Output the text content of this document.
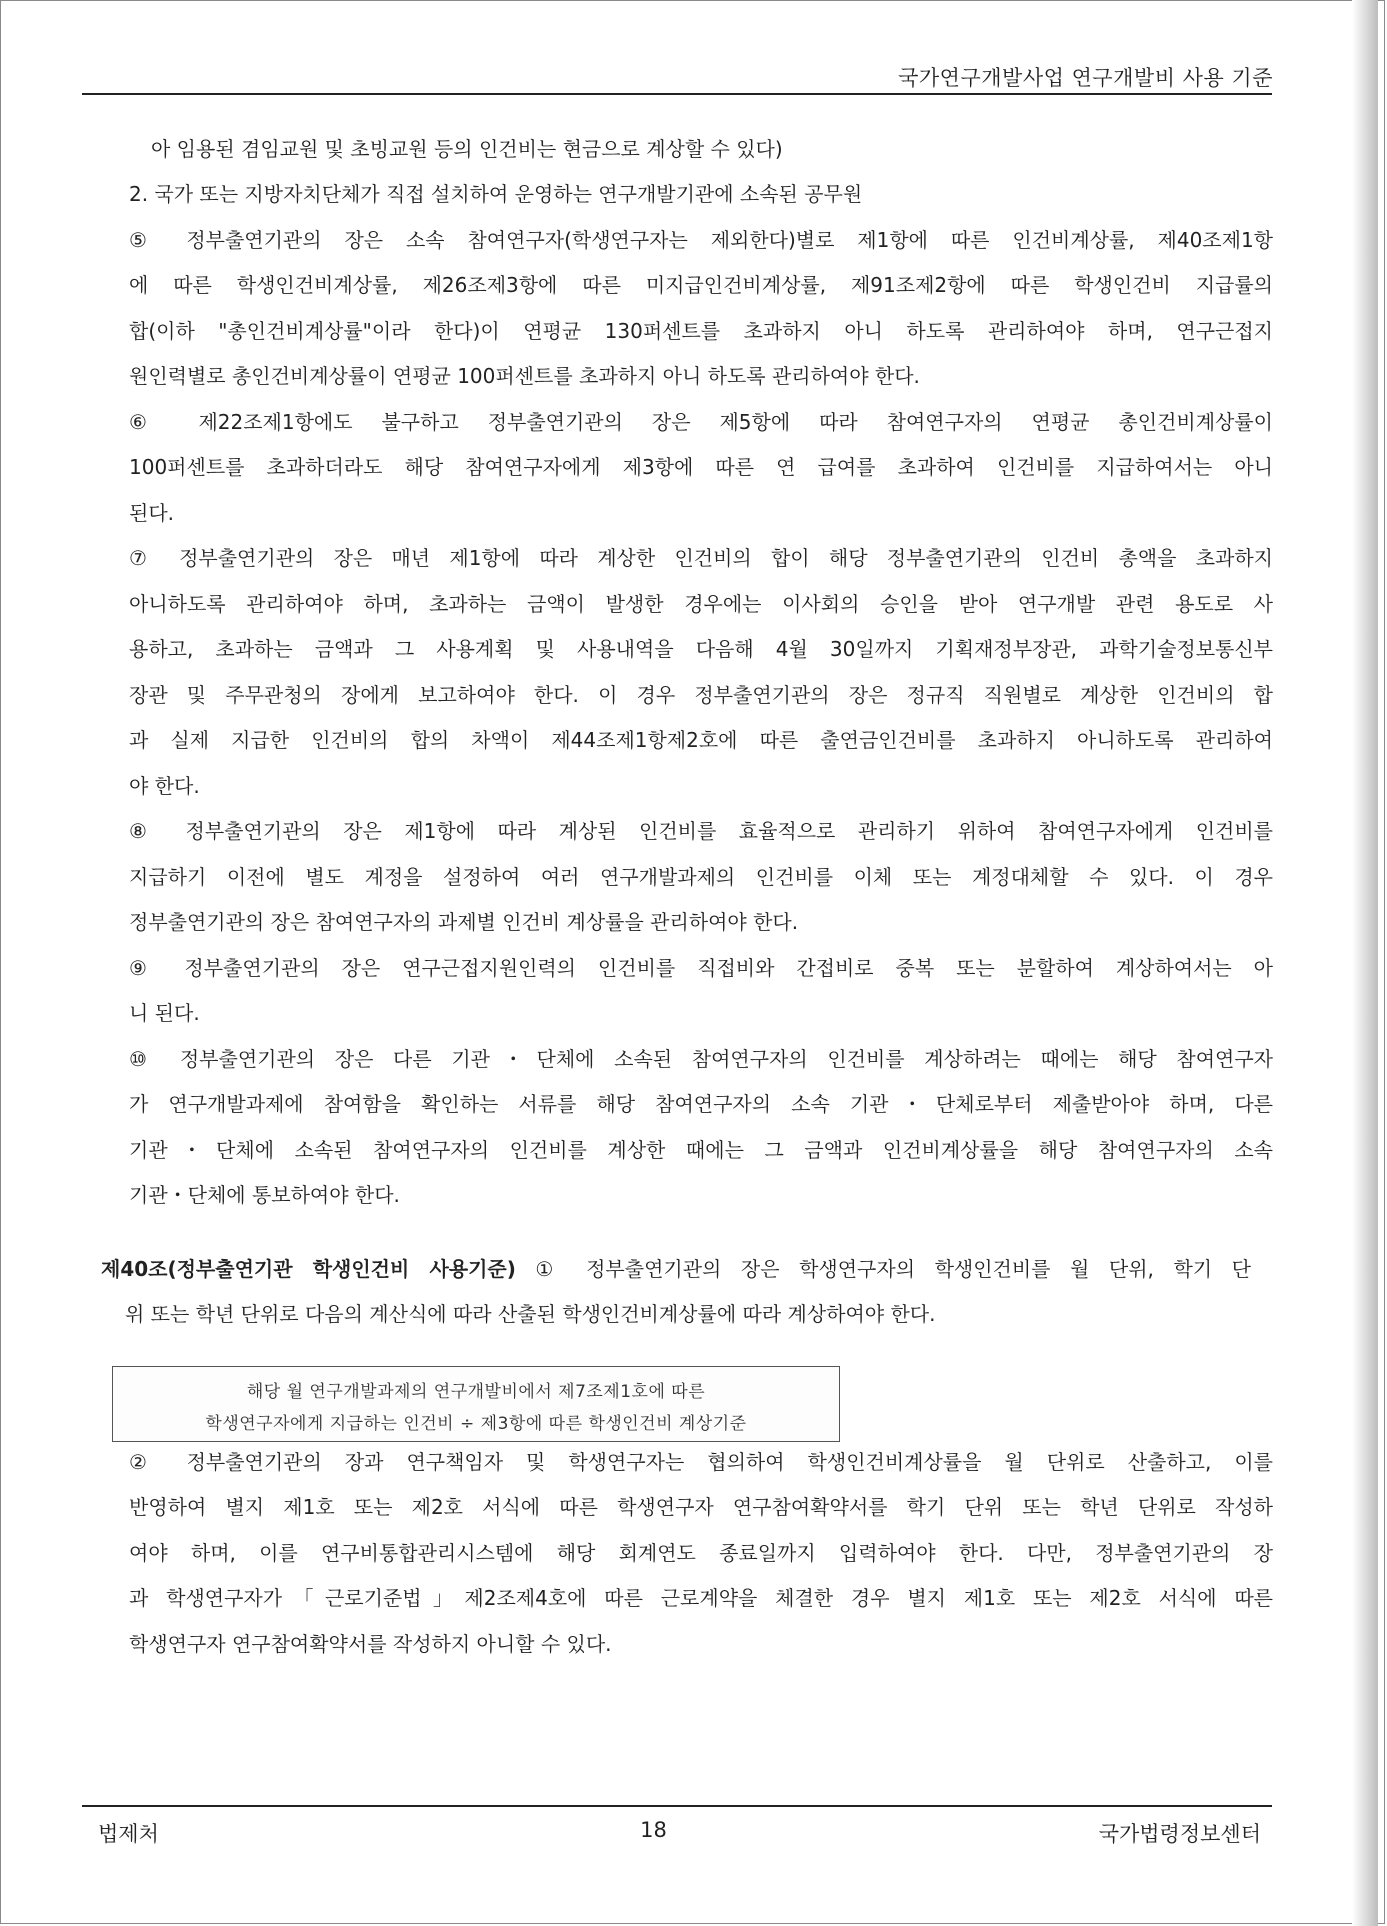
국가연구개발사업 연구개발비 사용 기준
아 임용된 겸임교원 및 초빙교원 등의 인건비는 현금으로 계상할 수 있다)
2. 국가 또는 지방자치단체가 직접 설치하여 운영하는 연구개발기관에 소속된 공무원
⑤ 정부출연기관의 장은 소속 참여연구자(학생연구자는 제외한다)별로 제1항에 따른 인건비계상률, 제40조제1항
에 따른 학생인건비계상률, 제26조제3항에 따른 미지급인건비계상률, 제91조제2항에 따른 학생인건비 지급률의
합(이하 "총인건비계상률"이라 한다)이 연평균 130퍼센트를 초과하지 아니 하도록 관리하여야 하며, 연구근접지
원인력별로 총인건비계상률이 연평균 100퍼센트를 초과하지 아니 하도록 관리하여야 한다.
⑥ 제22조제1항에도 불구하고 정부출연기관의 장은 제5항에 따라 참여연구자의 연평균 총인건비계상률이
100퍼센트를 초과하더라도 해당 참여연구자에게 제3항에 따른 연 급여를 초과하여 인건비를 지급하여서는 아니
된다.
⑦ 정부출연기관의 장은 매년 제1항에 따라 계상한 인건비의 합이 해당 정부출연기관의 인건비 총액을 초과하지
아니하도록 관리하여야 하며, 초과하는 금액이 발생한 경우에는 이사회의 승인을 받아 연구개발 관련 용도로 사
용하고, 초과하는 금액과 그 사용계획 및 사용내역을 다음해 4월 30일까지 기획재정부장관, 과학기술정보통신부
장관 및 주무관청의 장에게 보고하여야 한다. 이 경우 정부출연기관의 장은 정규직 직원별로 계상한 인건비의 합
과 실제 지급한 인건비의 합의 차액이 제44조제1항제2호에 따른 출연금인건비를 초과하지 아니하도록 관리하여
야 한다.
⑧ 정부출연기관의 장은 제1항에 따라 계상된 인건비를 효율적으로 관리하기 위하여 참여연구자에게 인건비를
지급하기 이전에 별도 계정을 설정하여 여러 연구개발과제의 인건비를 이체 또는 계정대체할 수 있다. 이 경우
정부출연기관의 장은 참여연구자의 과제별 인건비 계상률을 관리하여야 한다.
⑨ 정부출연기관의 장은 연구근접지원인력의 인건비를 직접비와 간접비로 중복 또는 분할하여 계상하여서는 아
니 된다.
⑩ 정부출연기관의 장은 다른 기관・단체에 소속된 참여연구자의 인건비를 계상하려는 때에는 해당 참여연구자
가 연구개발과제에 참여함을 확인하는 서류를 해당 참여연구자의 소속 기관・단체로부터 제출받아야 하며, 다른
기관・단체에 소속된 참여연구자의 인건비를 계상한 때에는 그 금액과 인건비계상률을 해당 참여연구자의 소속
기관・단체에 통보하여야 한다.
제40조(정부출연기관 학생인건비 사용기준) ① 정부출연기관의 장은 학생연구자의 학생인건비를 월 단위, 학기 단
위 또는 학년 단위로 다음의 계산식에 따라 산출된 학생인건비계상률에 따라 계상하여야 한다.
해당 월 연구개발과제의 연구개발비에서 제7조제1호에 따른
학생연구자에게 지급하는 인건비 ÷ 제3항에 따른 학생인건비 계상기준
② 정부출연기관의 장과 연구책임자 및 학생연구자는 협의하여 학생인건비계상률을 월 단위로 산출하고, 이를
반영하여 별지 제1호 또는 제2호 서식에 따른 학생연구자 연구참여확약서를 학기 단위 또는 학년 단위로 작성하
여야 하며, 이를 연구비통합관리시스템에 해당 회계연도 종료일까지 입력하여야 한다. 다만, 정부출연기관의 장
과 학생연구자가「근로기준법」제2조제4호에 따른 근로계약을 체결한 경우 별지 제1호 또는 제2호 서식에 따른
학생연구자 연구참여확약서를 작성하지 아니할 수 있다.
법제처	18	국가법령정보센터
